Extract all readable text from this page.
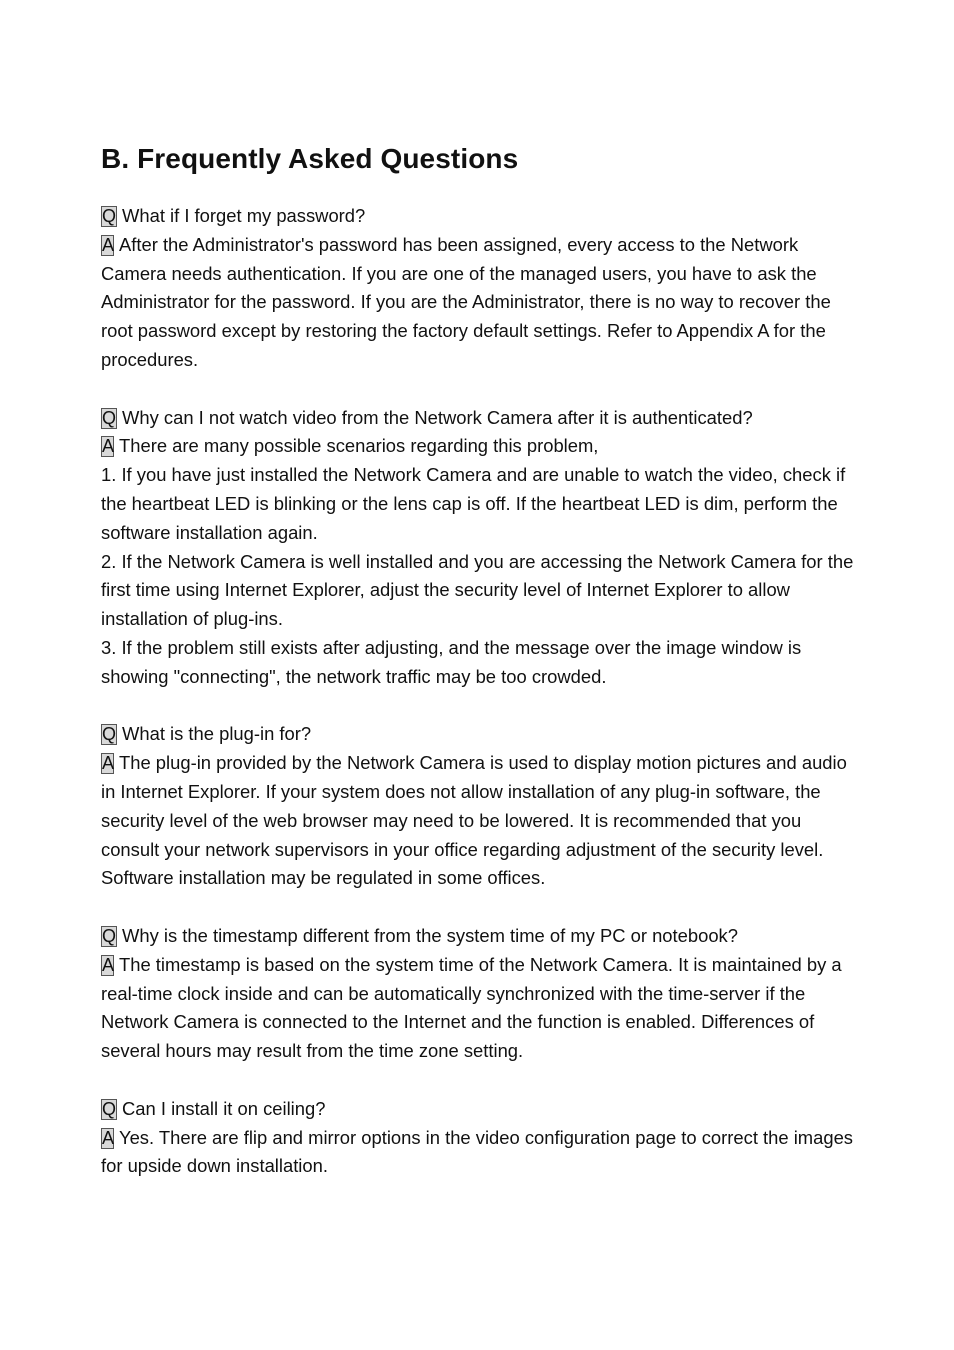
B. Frequently Asked Questions

Q What if I forget my password?

A After the Administrator's password has been assigned, every access to the Network Camera needs authentication. If you are one of the managed users, you have to ask the Administrator for the password. If you are the Administrator, there is no way to recover the root password except by restoring the factory default settings. Refer to Appendix A for the procedures.

Q Why can I not watch video from the Network Camera after it is authenticated?

A There are many possible scenarios regarding this problem,

1. If you have just installed the Network Camera and are unable to watch the video, check if the heartbeat LED is blinking or the lens cap is off. If the heartbeat LED is dim, perform the software installation again.

2. If the Network Camera is well installed and you are accessing the Network Camera for the first time using Internet Explorer, adjust the security level of Internet Explorer to allow installation of plug-ins.

3. If the problem still exists after adjusting, and the message over the image window is showing "connecting", the network traffic may be too crowded.

Q What is the plug-in for?

A The plug-in provided by the Network Camera is used to display motion pictures and audio in Internet Explorer. If your system does not allow installation of any plug-in software, the security level of the web browser may need to be lowered. It is recommended that you consult your network supervisors in your office regarding adjustment of the security level. Software installation may be regulated in some offices.

Q Why is the timestamp different from the system time of my PC or notebook?

A The timestamp is based on the system time of the Network Camera. It is maintained by a real-time clock inside and can be automatically synchronized with the time-server if the Network Camera is connected to the Internet and the function is enabled. Differences of several hours may result from the time zone setting.

Q Can I install it on ceiling?

A Yes. There are flip and mirror options in the video configuration page to correct the images for upside down installation.
